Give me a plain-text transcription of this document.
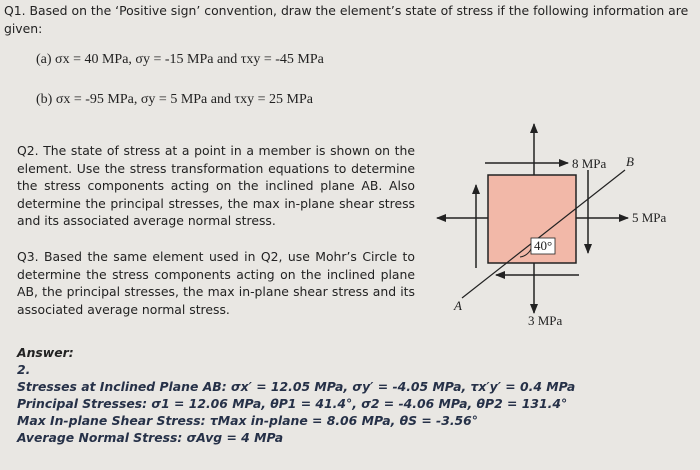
Q1. Based on the ‘Positive sign’ convention, draw the element’s state of stress if the following information are given:

(a) σx = 40 MPa, σy = -15 MPa and τxy = -45 MPa

(b) σx = -95 MPa, σy = 5 MPa and τxy = 25 MPa

Q2. The state of stress at a point in a member is shown on the element. Use the stress transformation equations to determine the stress components acting on the inclined plane AB. Also determine the principal stresses, the max in-plane shear stress and its associated average normal stress.

Q3. Based the same element used in Q2, use Mohr’s Circle to determine the stress components acting on the inclined plane AB, the principal stresses, the max in-plane shear stress and its associated average normal stress.

Answer:
2.
Stresses at Inclined Plane AB: σx′ = 12.05 MPa, σy′ = -4.05 MPa, τx′y′ = 0.4 MPa
Principal Stresses: σ1 = 12.06 MPa, θP1 = 41.4°, σ2 = -4.06 MPa, θP2 = 131.4°
Max In-plane Shear Stress: τMax in-plane = 8.06 MPa, θS = -3.56°
Average Normal Stress: σAvg = 4 MPa
8 MPa B
5 MPa
40°
A
3 MPa
